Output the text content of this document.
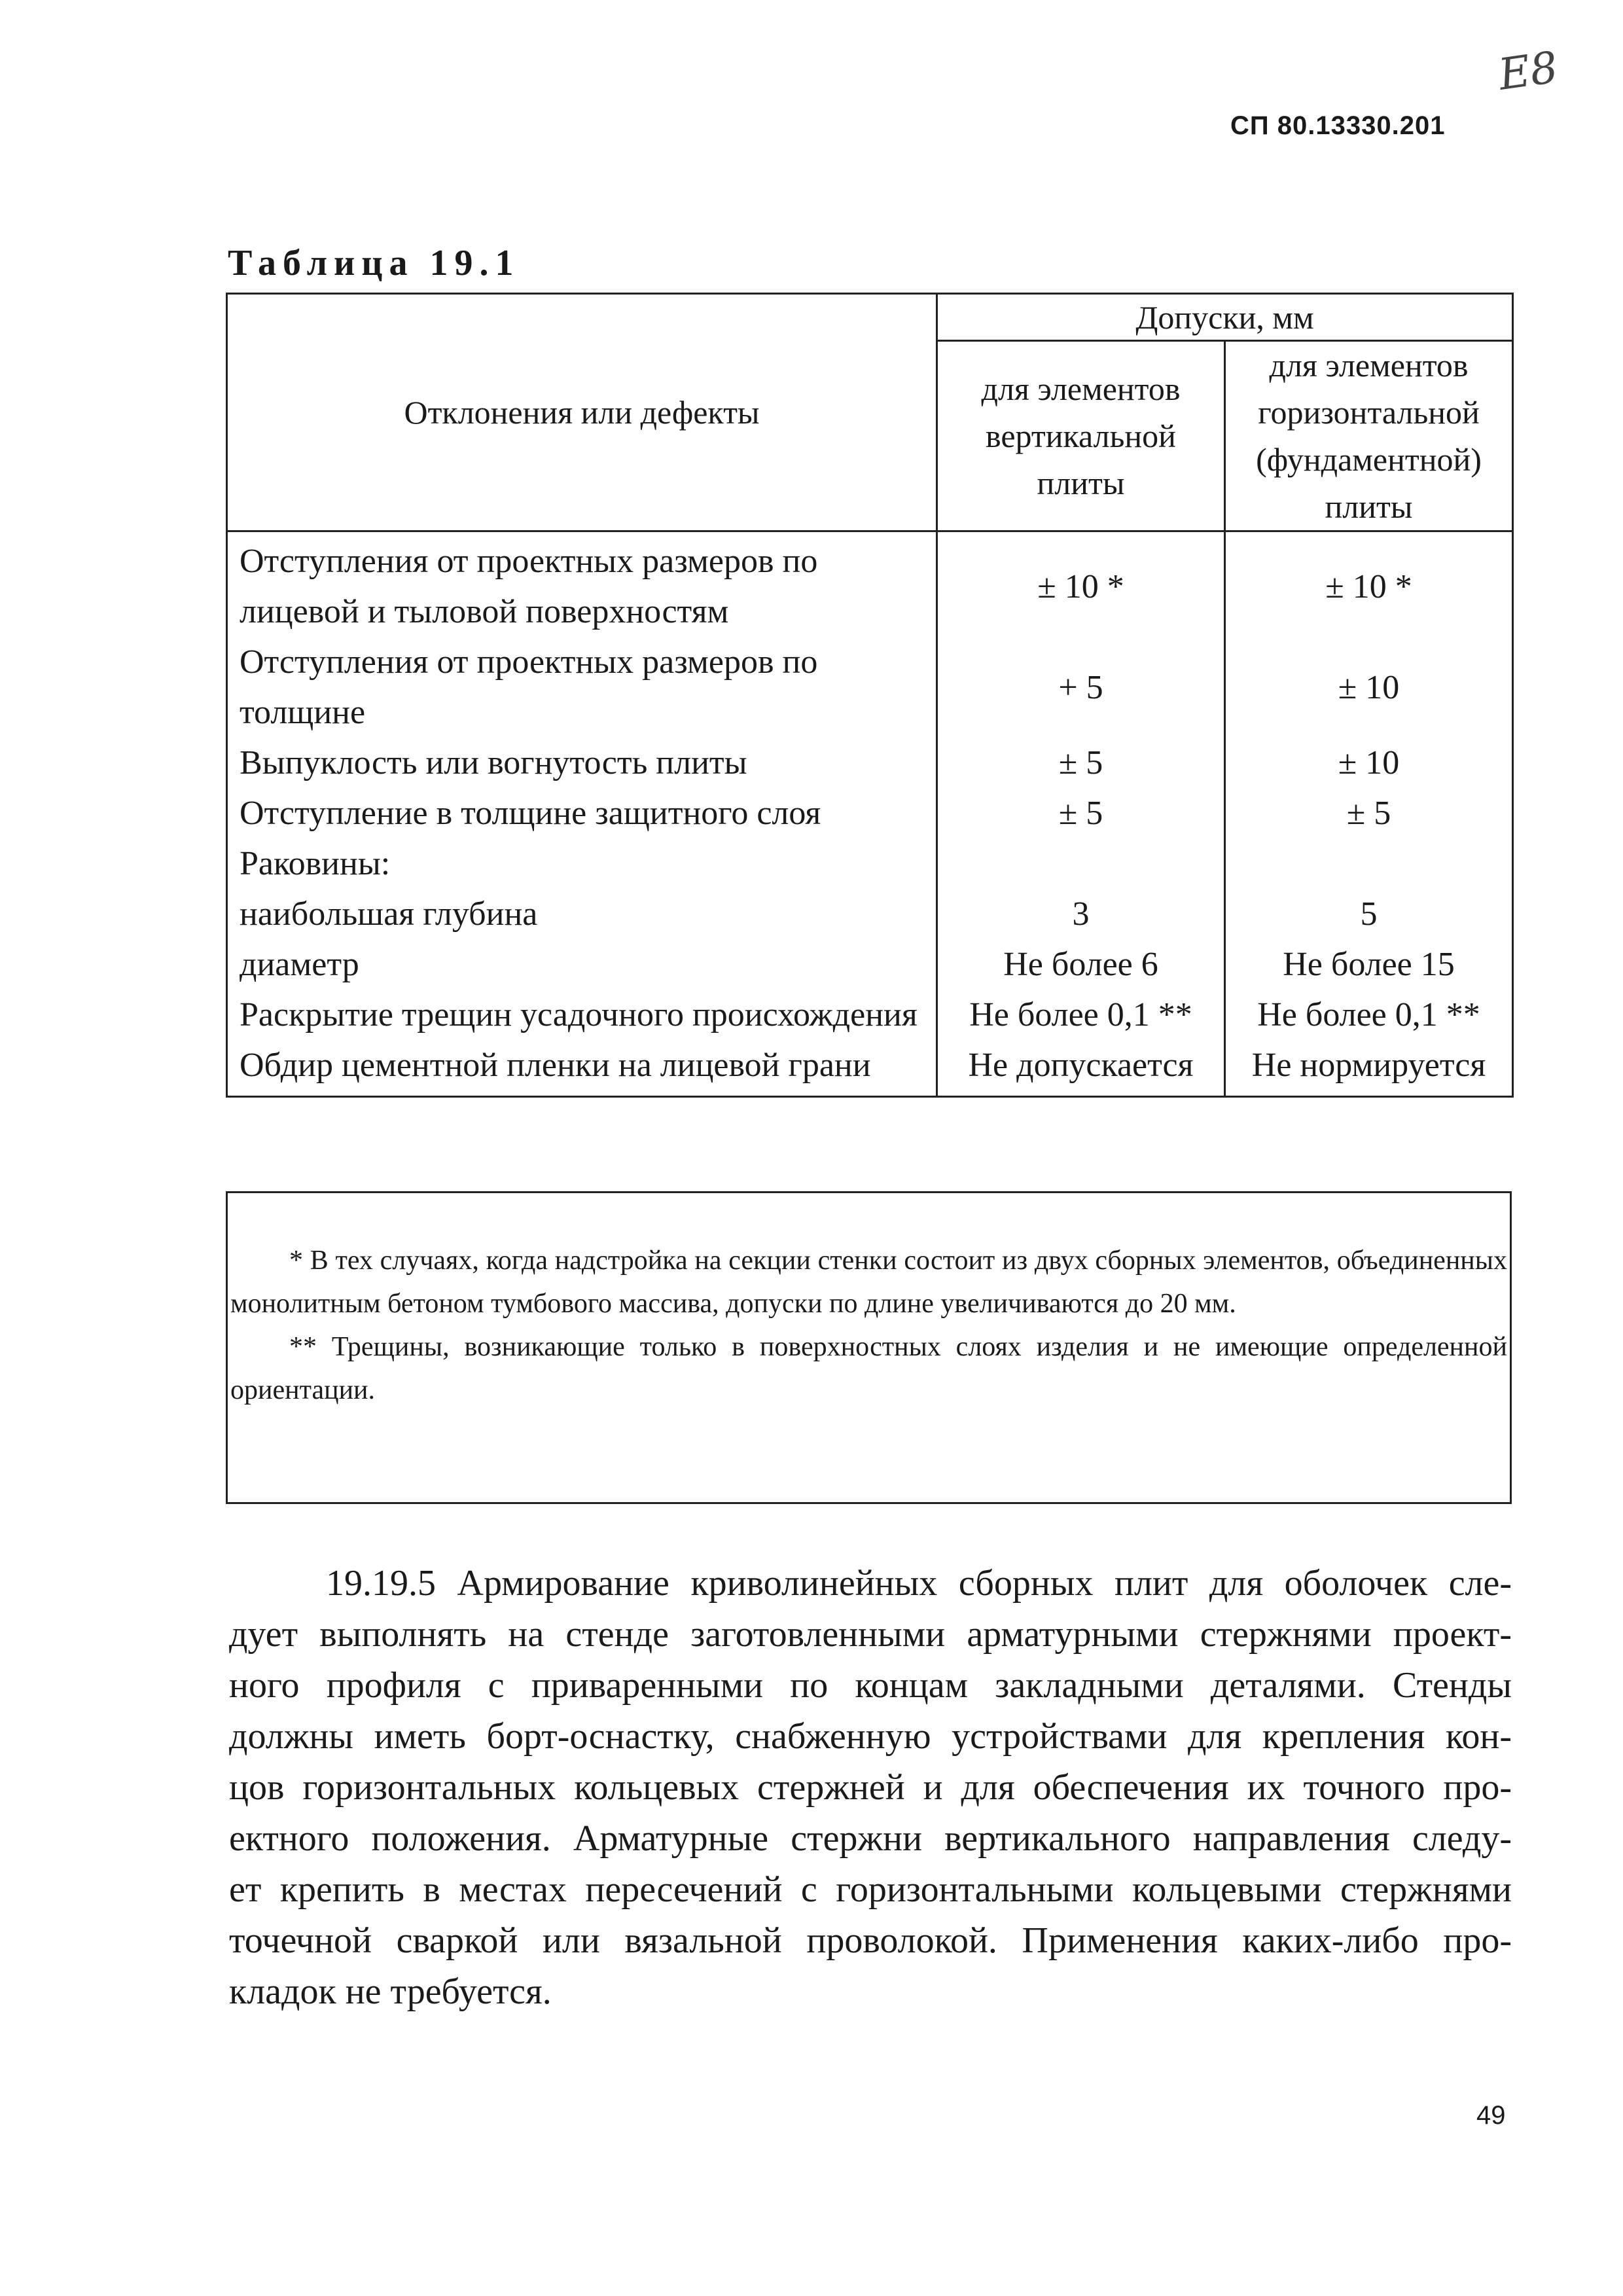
СП 80.13330.201
E8
Таблица 19.1
Отклонения или дефекты	Допуски, мм	
	для элементов вертикальной плиты	для элементов горизонтальной (фундаментной) плиты
Отступления от проектных размеров по лицевой и тыловой поверхностям	± 10 *	± 10 *
Отступления от проектных размеров по толщине	+ 5	± 10
Выпуклость или вогнутость плиты	± 5	± 10
Отступление в толщине защитного слоя	± 5	± 5
Раковины:		
наибольшая глубина	3	5
диаметр	Не более 6	Не более 15
Раскрытие трещин усадочного происхождения	Не более 0,1 **	Не более 0,1 **
Обдир цементной пленки на лицевой грани	Не допускается	Не нормируется

* В тех случаях, когда надстройка на секции стенки состоит из двух сборных элементов, объединенных монолитным бетоном тумбового массива, допуски по длине увеличиваются до 20 мм.

** Трещины, возникающие только в поверхностных слоях изделия и не имеющие определенной ориентации.

19.19.5 Армирование криволинейных сборных плит для оболочек сле-
дует выполнять на стенде заготовленными арматурными стержнями проект-
ного профиля с приваренными по концам закладными деталями. Стенды
должны иметь борт-оснастку, снабженную устройствами для крепления кон-
цов горизонтальных кольцевых стержней и для обеспечения их точного про-
ектного положения. Арматурные стержни вертикального направления следу-
ет крепить в местах пересечений с горизонтальными кольцевыми стержнями
точечной сваркой или вязальной проволокой. Применения каких-либо про-
кладок не требуется.
49
